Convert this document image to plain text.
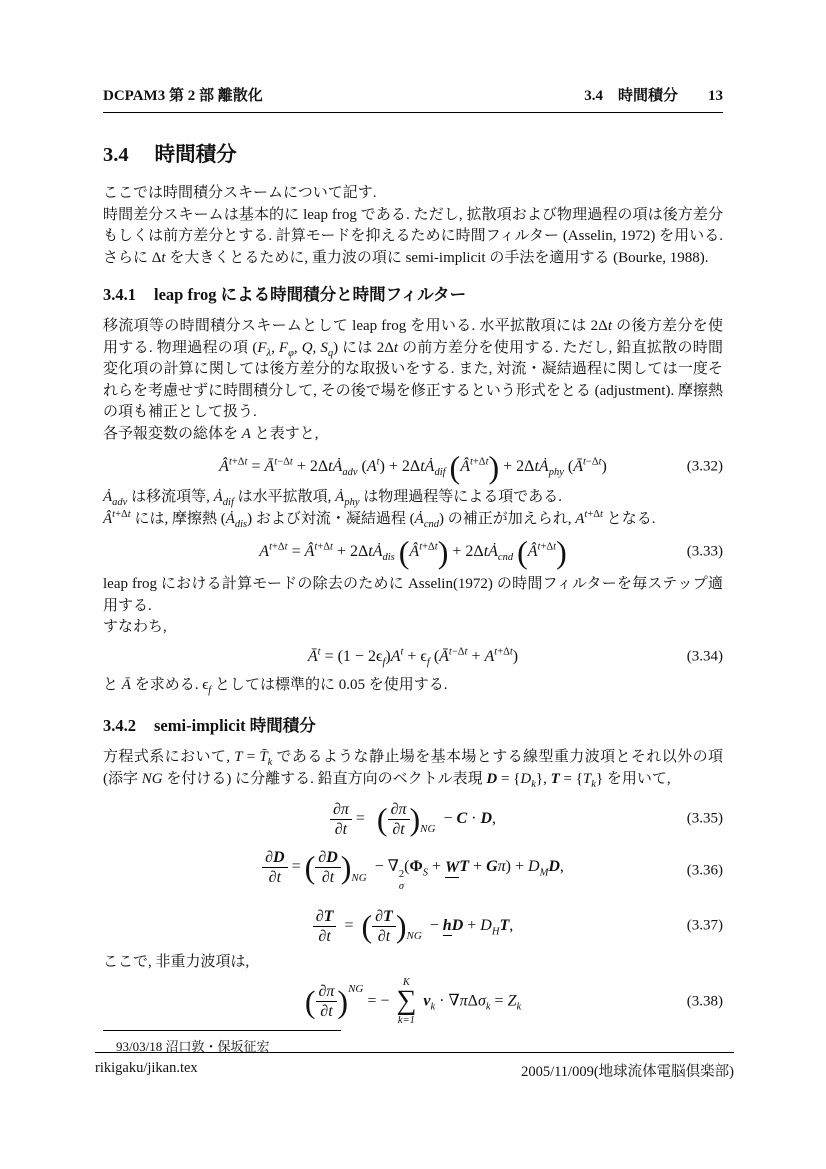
DCPAM3 第 2 部 離散化	3.4　時間積分 13
3.4 時間積分

ここでは時間積分スキームについて記す.

時間差分スキームは基本的に leap frog である. ただし, 拡散項および物理過程の項は後方差分もしくは前方差分とする. 計算モードを抑えるために時間フィルター (Asselin, 1972) を用いる. さらに Δt を大きくとるために, 重力波の項に semi-implicit の手法を適用する (Bourke, 1988).

3.4.1 leap frog による時間積分と時間フィルター

移流項等の時間積分スキームとして leap frog を用いる. 水平拡散項には 2Δt の後方差分を使用する. 物理過程の項 ($F_\lambda$, $F_\varphi$, Q, $S_q$) には 2Δt の前方差分を使用する. ただし, 鉛直拡散の時間変化項の計算に関しては後方差分的な取扱いをする. また, 対流・凝結過程に関しては一度それらを考慮せずに時間積分して, その後で場を修正するという形式をとる (adjustment). 摩擦熱の項も補正として扱う.

各予報変数の総体を A と表すと,

$Â^{t+\Delta t}$ = $Ā^{t-\Delta t}$ + 2ΔtȦ$_{adv}$ $(A^t)$ + 2ΔtȦ$_{dif}$ $(Â^{t+\Delta t})$ + 2ΔtȦ$_{phy}$ $(Ā^{t-\Delta t})$	(3.32)

$Ȧ_{adv}$ は移流項等, $Ȧ_{dif}$ は水平拡散項, $Ȧ_{phy}$ は物理過程等による項である.
$Â^{t+\Delta t}$ には, 摩擦熱 $(Ȧ_{dis})$ および対流・凝結過程 $(Ȧ_{cnd})$ の補正が加えられ, $A^{t+\Delta t}$ となる.

$A^{t+\Delta t}$ = $Â^{t+\Delta t}$ + 2ΔtȦ$_{dis}$ $(Â^{t+\Delta t})$ + 2ΔtȦ$_{cnd}$ $(Â^{t+\Delta t})$	(3.33)

leap frog における計算モードの除去のために Asselin(1972) の時間フィルターを毎ステップ適用する.

すなわち,

$Ā^t = (1 - 2\epsilon_f)A^t + \epsilon_f$ $(Ā^{t-\Delta t} + A^{t+\Delta t})$	(3.34)

と Ā を求める. $\epsilon_f$ としては標準的に 0.05 を使用する.

3.4.2 semi-implicit 時間積分

方程式系において, $T = T̄_k$ であるような静止場を基本場とする線型重力波項とそれ以外の項 (添字 NG を付ける) に分離する. 鉛直方向のベクトル表現 $D = \{D_k\}$, $T = \{T_k\}$ を用いて,

$\frac{\partial\pi}{\partial t}$ =   ( $\frac{\partial\pi}{\partial t} )_{NG} - C \cdot D$,	(3.35)
$\frac{\partial D}{\partial t}$ = ( $\frac{\partial D}{\partial t} )_{NG}$  − ∇ 2
σ
($\Phi_S$ + WT + $G\pi) + D_MD$,	(3.36)
$\frac{\partial T}{\partial t}$ =  ( $\frac{\partial T}{\partial t} )_{NG}$  − hD + $D_HT$,	(3.37)

ここで, 非重力波項は,

( $\frac{\partial\pi}{\partial t} )^{NG}$ = −
K
∑
k=1
$v_k \cdot \nabla\pi\Delta\sigma_k = Z_k$	(3.38)
93/03/18 沼口敦・保坂征宏
rikigaku/jikan.tex	2005/11/009(地球流体電脳倶楽部)
